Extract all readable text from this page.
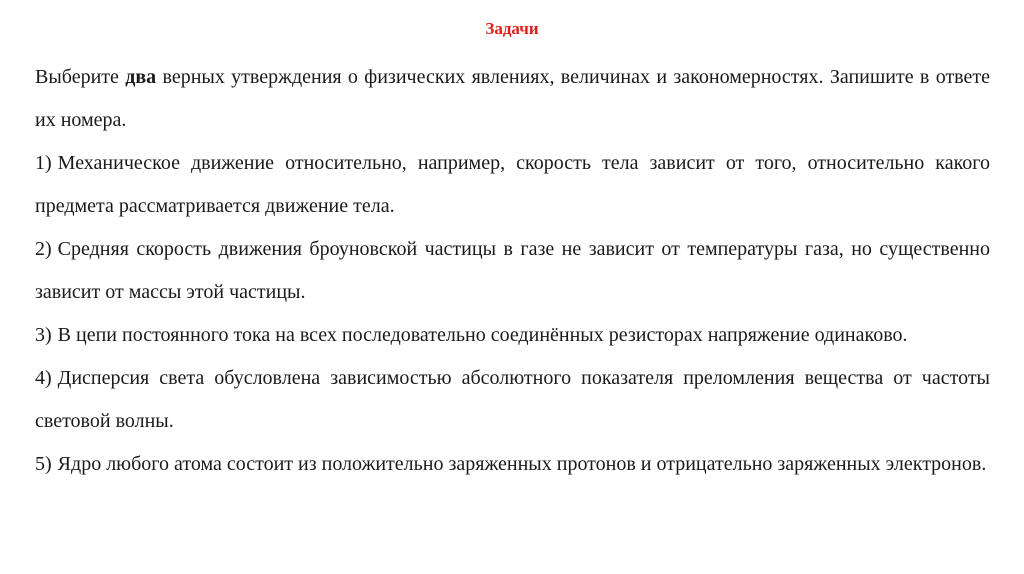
Задачи

Выберите два верных утверждения о физических явлениях, величинах и закономерностях. Запишите в ответе их номера.

1) Механическое движение относительно, например, скорость тела зависит от того, относительно какого предмета рассматривается движение тела.

2) Средняя скорость движения броуновской частицы в газе не зависит от температуры газа, но существенно зависит от массы этой частицы.

3) В цепи постоянного тока на всех последовательно соединённых резисторах напряжение одинаково.

4) Дисперсия света обусловлена зависимостью абсолютного показателя преломления вещества от частоты световой волны.

5) Ядро любого атома состоит из положительно заряженных протонов и отрицательно заряженных электронов.
